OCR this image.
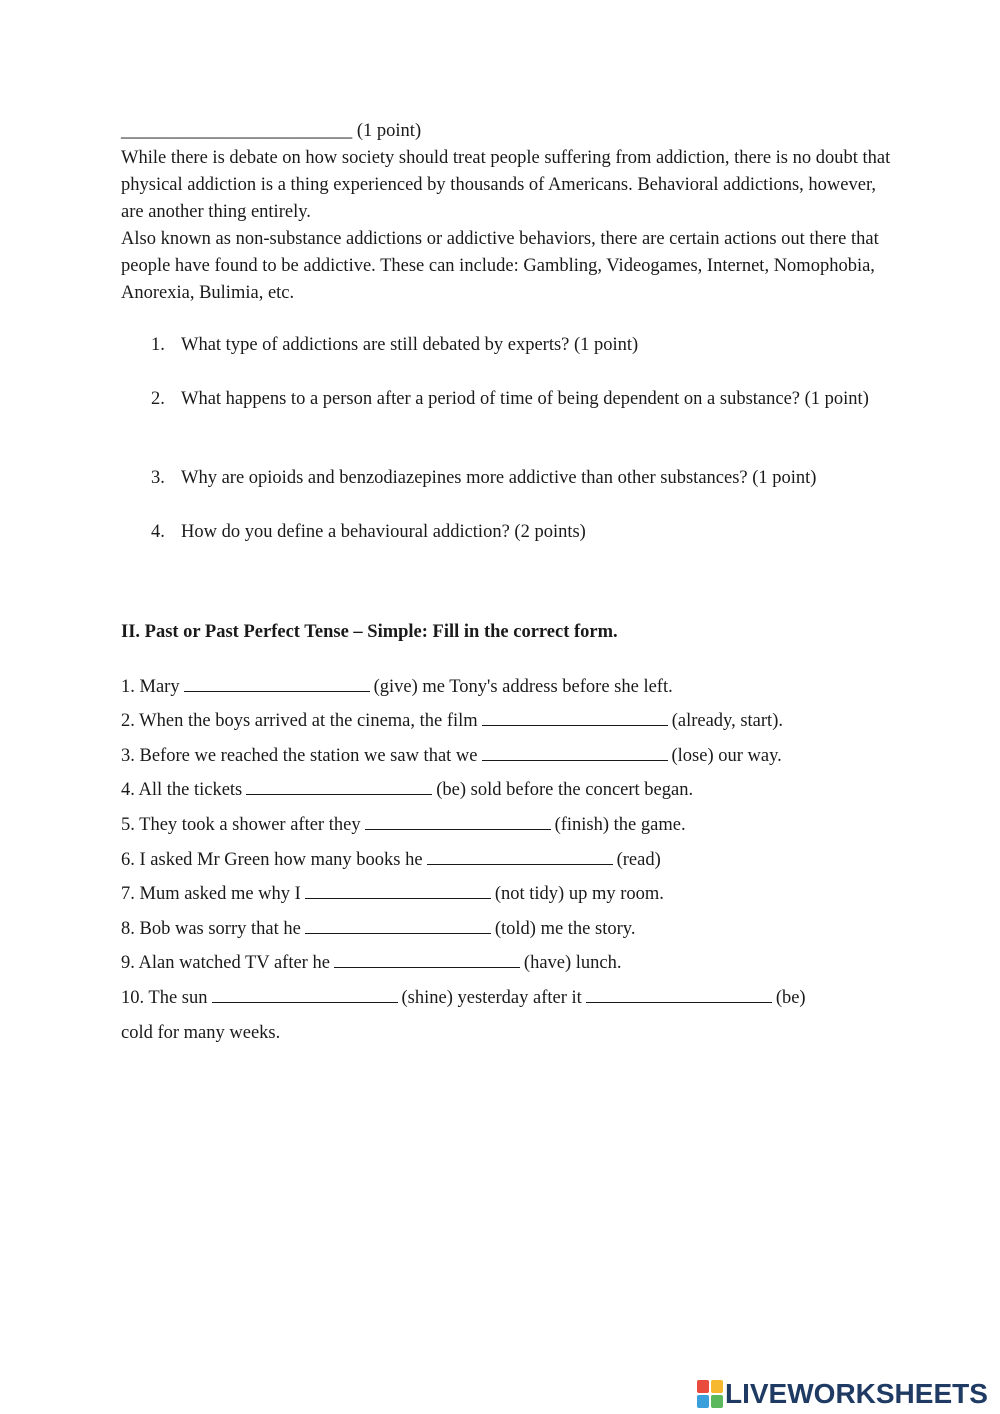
_________________________ (1 point)

While there is debate on how society should treat people suffering from addiction, there is no doubt that physical addiction is a thing experienced by thousands of Americans. Behavioral addictions, however, are another thing entirely.

Also known as non-substance addictions or addictive behaviors, there are certain actions out there that people have found to be addictive. These can include: Gambling, Videogames, Internet, Nomophobia, Anorexia, Bulimia, etc.

1. What type of addictions are still debated by experts? (1 point)
2. What happens to a person after a period of time of being dependent on a substance? (1 point)
3. Why are opioids and benzodiazepines more addictive than other substances? (1 point)
4. How do you define a behavioural addiction? (2 points)
II. Past or Past Perfect Tense – Simple: Fill in the correct form.
1. Mary	(give) me Tony's address before she left.
2. When the boys arrived at the cinema, the film	(already, start).
3. Before we reached the station we saw that we	(lose) our way.
4. All the tickets	(be) sold before the concert began.
5. They took a shower after they	(finish) the game.
6. I asked Mr Green how many books he	(read)
7. Mum asked me why I	(not tidy) up my room.
8. Bob was sorry that he	(told) me the story.
9. Alan watched TV after he	(have) lunch.
10. The sun	(shine) yesterday after it	(be)
cold for many weeks.
LIVEWORKSHEETS
